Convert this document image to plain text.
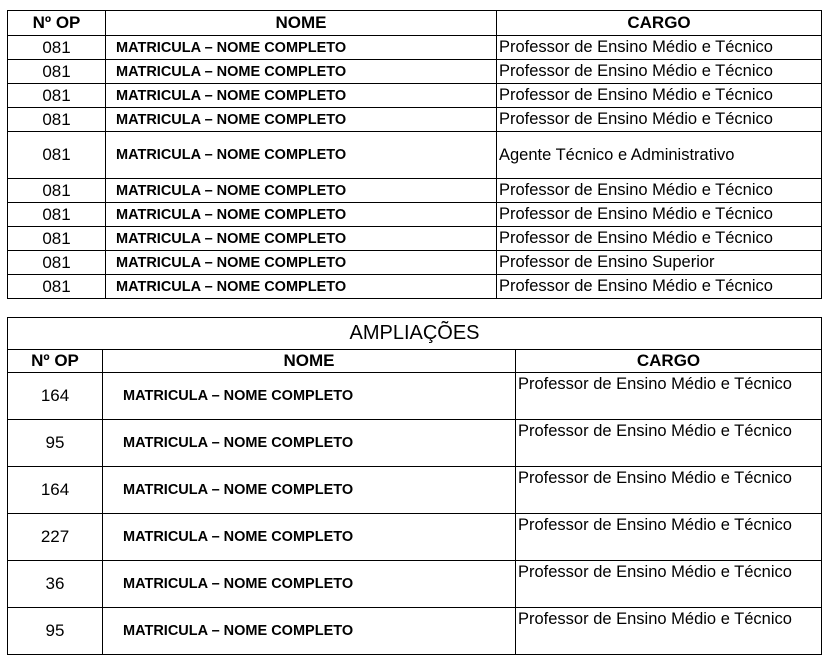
Nº OP	NOME	CARGO
081	MATRICULA – NOME COMPLETO	Professor de Ensino Médio e Técnico
081	MATRICULA – NOME COMPLETO	Professor de Ensino Médio e Técnico
081	MATRICULA – NOME COMPLETO	Professor de Ensino Médio e Técnico
081	MATRICULA – NOME COMPLETO	Professor de Ensino Médio e Técnico
081	MATRICULA – NOME COMPLETO	Agente Técnico e Administrativo
081	MATRICULA – NOME COMPLETO	Professor de Ensino Médio e Técnico
081	MATRICULA – NOME COMPLETO	Professor de Ensino Médio e Técnico
081	MATRICULA – NOME COMPLETO	Professor de Ensino Médio e Técnico
081	MATRICULA – NOME COMPLETO	Professor de Ensino Superior
081	MATRICULA – NOME COMPLETO	Professor de Ensino Médio e Técnico
AMPLIAÇÕES		
Nº OP	NOME	CARGO
164	MATRICULA – NOME COMPLETO	Professor de Ensino Médio e Técnico
95	MATRICULA – NOME COMPLETO	Professor de Ensino Médio e Técnico
164	MATRICULA – NOME COMPLETO	Professor de Ensino Médio e Técnico
227	MATRICULA – NOME COMPLETO	Professor de Ensino Médio e Técnico
36	MATRICULA – NOME COMPLETO	Professor de Ensino Médio e Técnico
95	MATRICULA – NOME COMPLETO	Professor de Ensino Médio e Técnico
